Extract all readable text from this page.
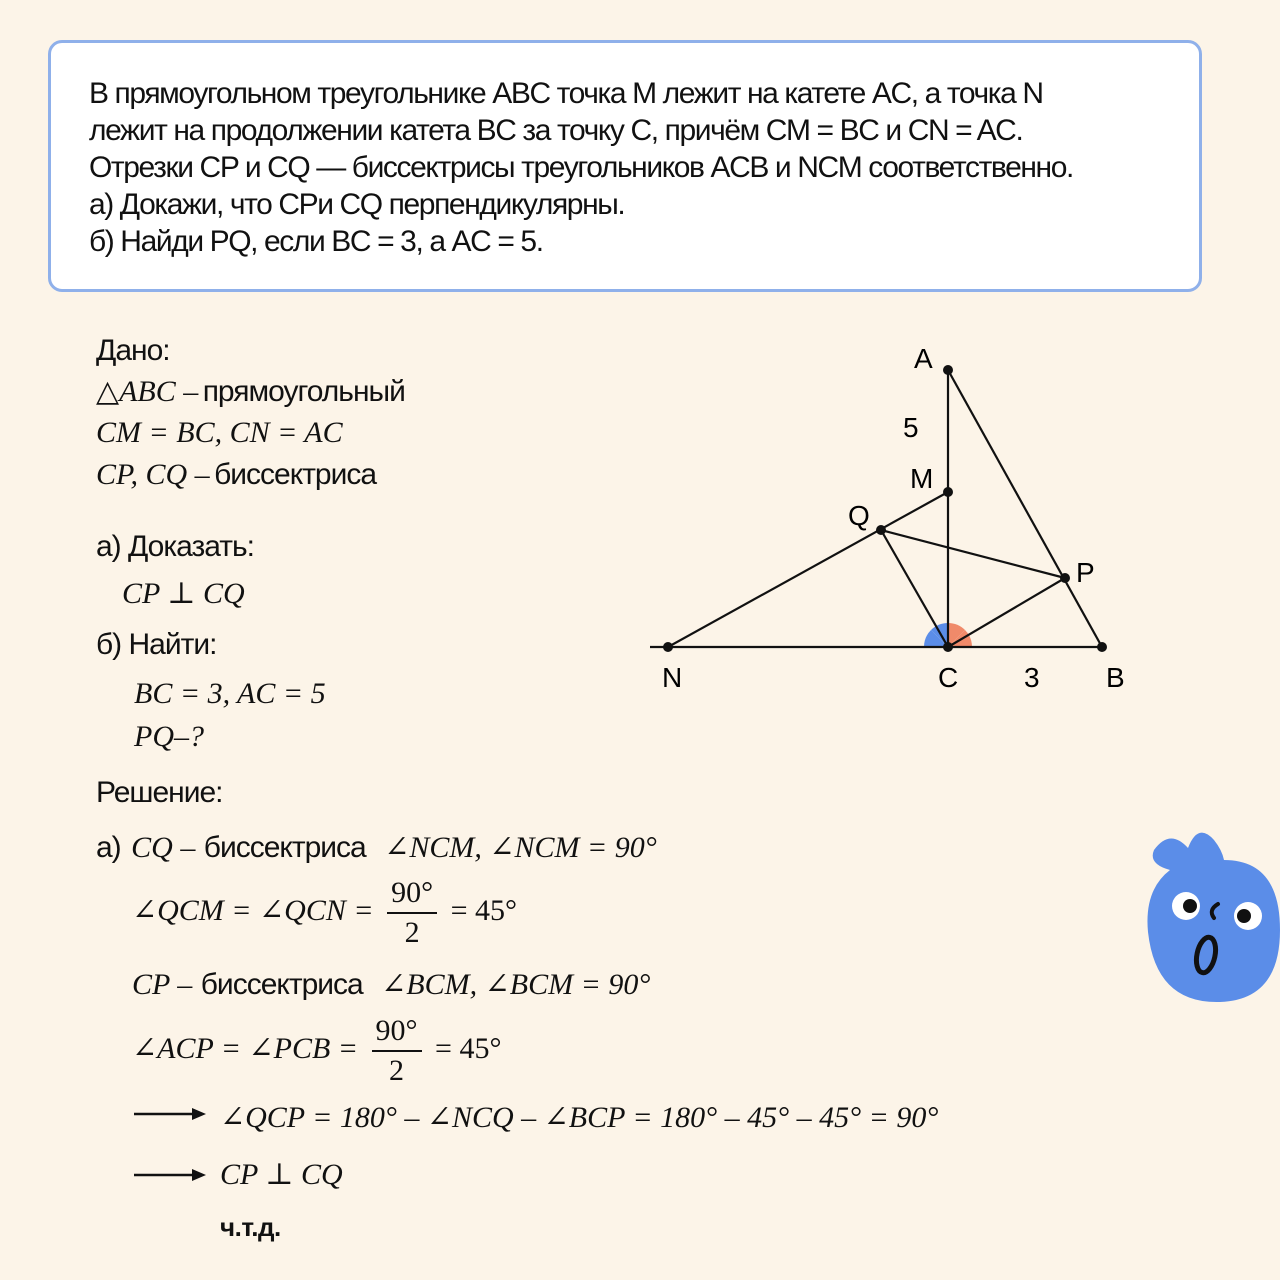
В прямоугольном треугольнике ABC точка M лежит на катете AC, а точка N
лежит на продолжении катета BC за точку C, причём CM = BC и CN = AC.
Отрезки CP и CQ — биссектрисы треугольников ACB и NCM соответственно.
а) Докажи, что CPи CQ перпендикулярны.
б) Найди PQ, если BC = 3, а AC = 5.
Дано:
△ABC – прямоугольный
CM = BC, CN = AC
CP, CQ – биссектриса
а) Доказать:
CP ⊥ CQ
б) Найти:
BC = 3, AC = 5
PQ–?
Решение:
а) CQ – биссектриса ∠NCM, ∠NCM = 90°
∠QCM = ∠QCN = $\frac{90^\circ}{2} = 45^\circ$
CP – биссектриса ∠BCM, ∠BCM = 90°
∠ACP = ∠PCB = $\frac{90^\circ}{2} = 45^\circ$
∠QCP = 180° – ∠NCQ – ∠BCP = 180° – 45° – 45° = 90°
CP ⊥ CQ
ч.т.д.
A
5
M
Q
P
N	C 3 B
